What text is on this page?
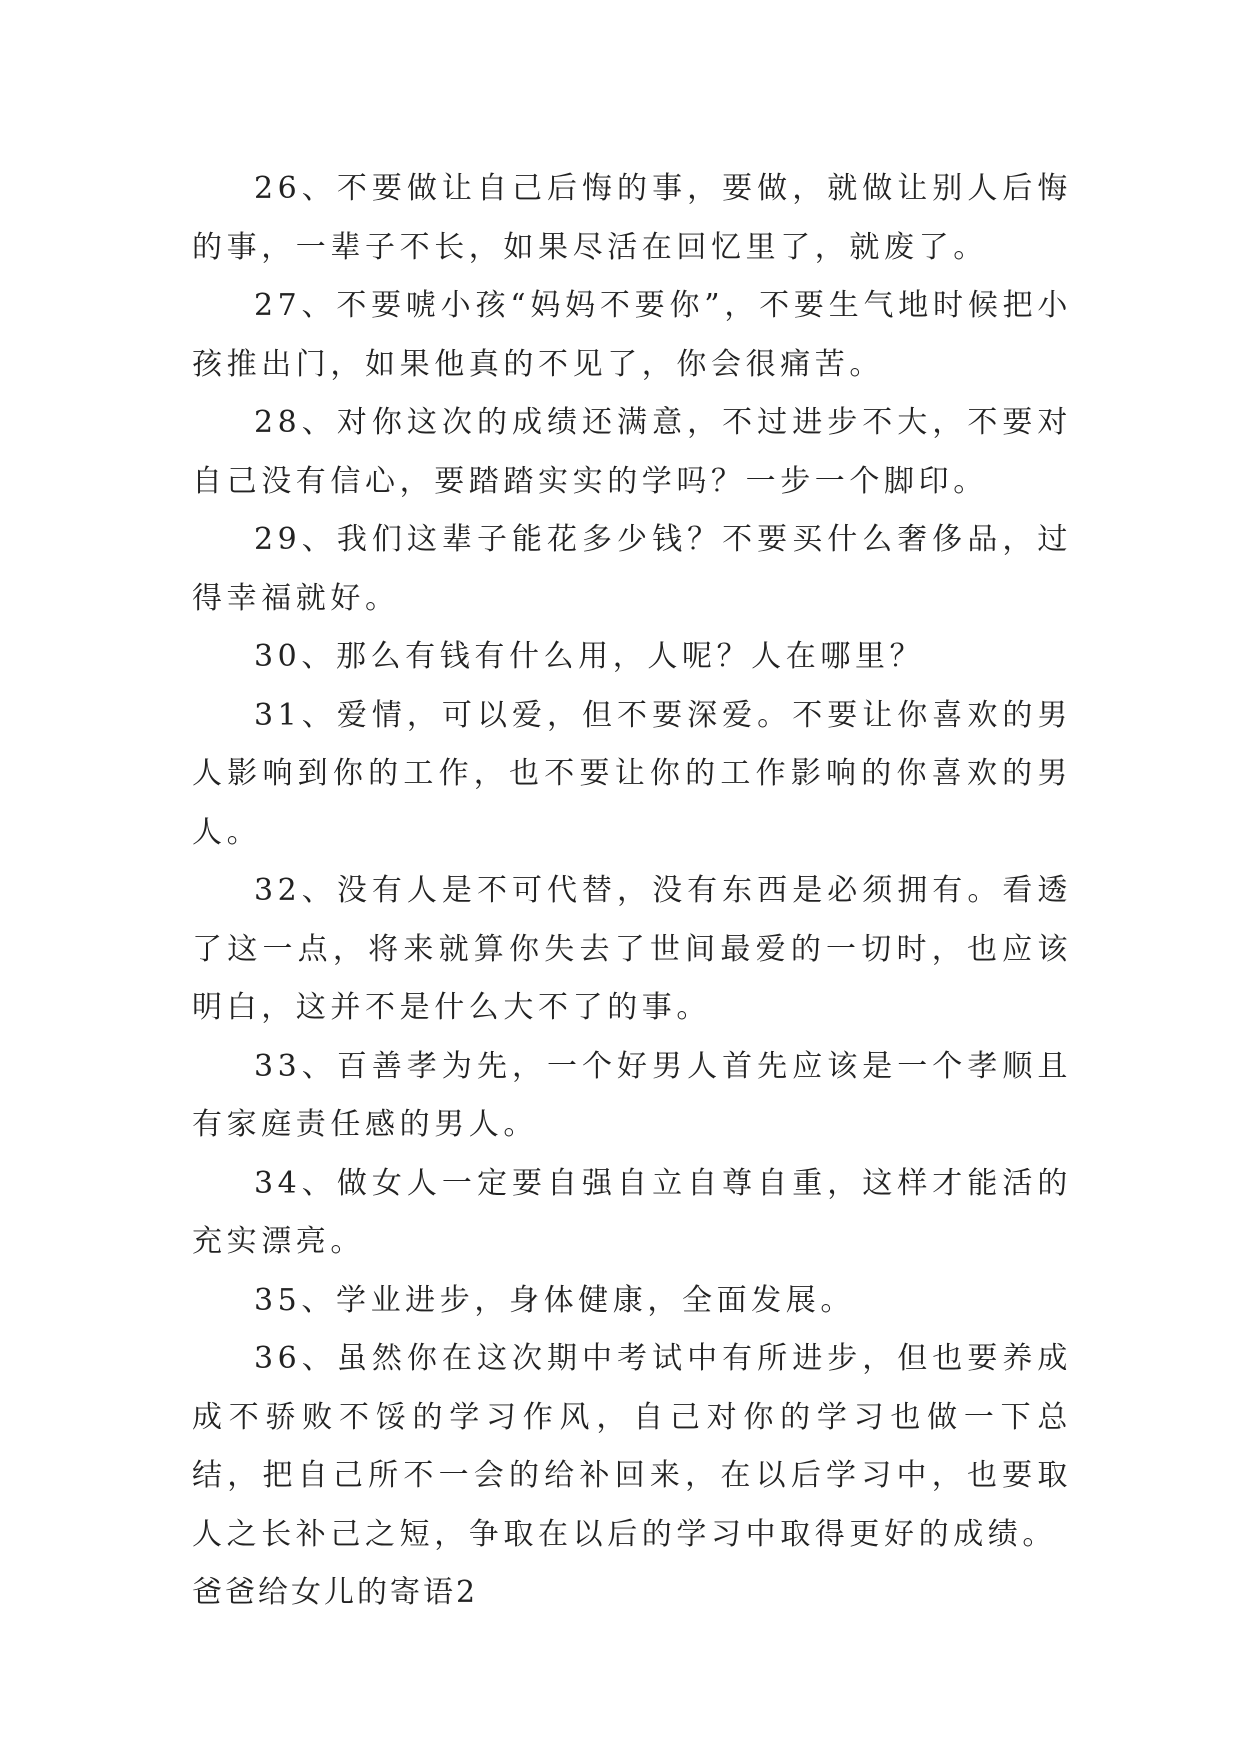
26、不要做让自己后悔的事，要做，就做让别人后悔的事，一辈子不长，如果尽活在回忆里了，就废了。

27、不要唬小孩“妈妈不要你”，不要生气地时候把小孩推出门，如果他真的不见了，你会很痛苦。

28、对你这次的成绩还满意，不过进步不大，不要对自己没有信心，要踏踏实实的学吗？一步一个脚印。

29、我们这辈子能花多少钱？不要买什么奢侈品，过得幸福就好。

30、那么有钱有什么用，人呢？人在哪里？

31、爱情，可以爱，但不要深爱。不要让你喜欢的男人影响到你的工作，也不要让你的工作影响的你喜欢的男人。

32、没有人是不可代替，没有东西是必须拥有。看透了这一点，将来就算你失去了世间最爱的一切时，也应该明白，这并不是什么大不了的事。

33、百善孝为先，一个好男人首先应该是一个孝顺且有家庭责任感的男人。

34、做女人一定要自强自立自尊自重，这样才能活的充实漂亮。

35、学业进步，身体健康，全面发展。

36、虽然你在这次期中考试中有所进步，但也要养成成不骄败不馁的学习作风，自己对你的学习也做一下总结，把自己所不一会的给补回来，在以后学习中，也要取人之长补己之短，争取在以后的学习中取得更好的成绩。

爸爸给女儿的寄语2
